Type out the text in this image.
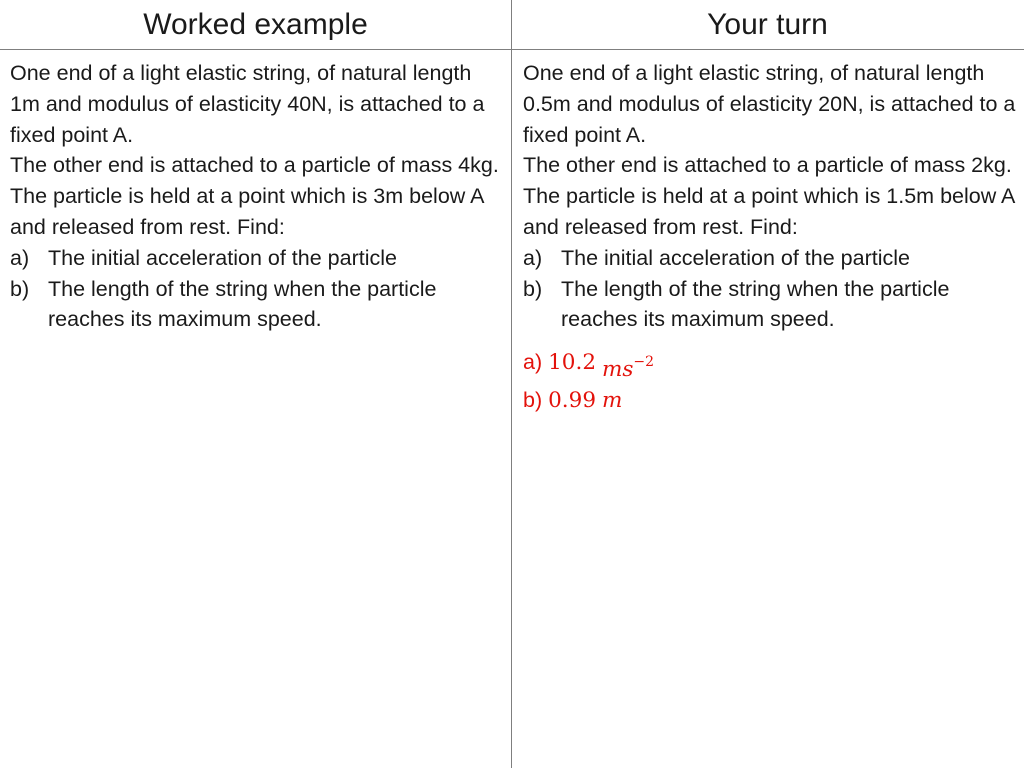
Worked example	Your turn

One end of a light elastic string, of natural length 1m and modulus of elasticity 40N, is attached to a fixed point A.

The other end is attached to a particle of mass 4kg.

The particle is held at a point which is 3m below A and released from rest. Find:

a) The initial acceleration of the particle
b) The length of the string when the particle reaches its maximum speed.

One end of a light elastic string, of natural length 0.5m and modulus of elasticity 20N, is attached to a fixed point A.

The other end is attached to a particle of mass 2kg.

The particle is held at a point which is 1.5m below A and released from rest. Find:

a) The initial acceleration of the particle
b) The length of the string when the particle reaches its maximum speed.
a) 10.2 $ms^{-2}$
b) 0.99 m
